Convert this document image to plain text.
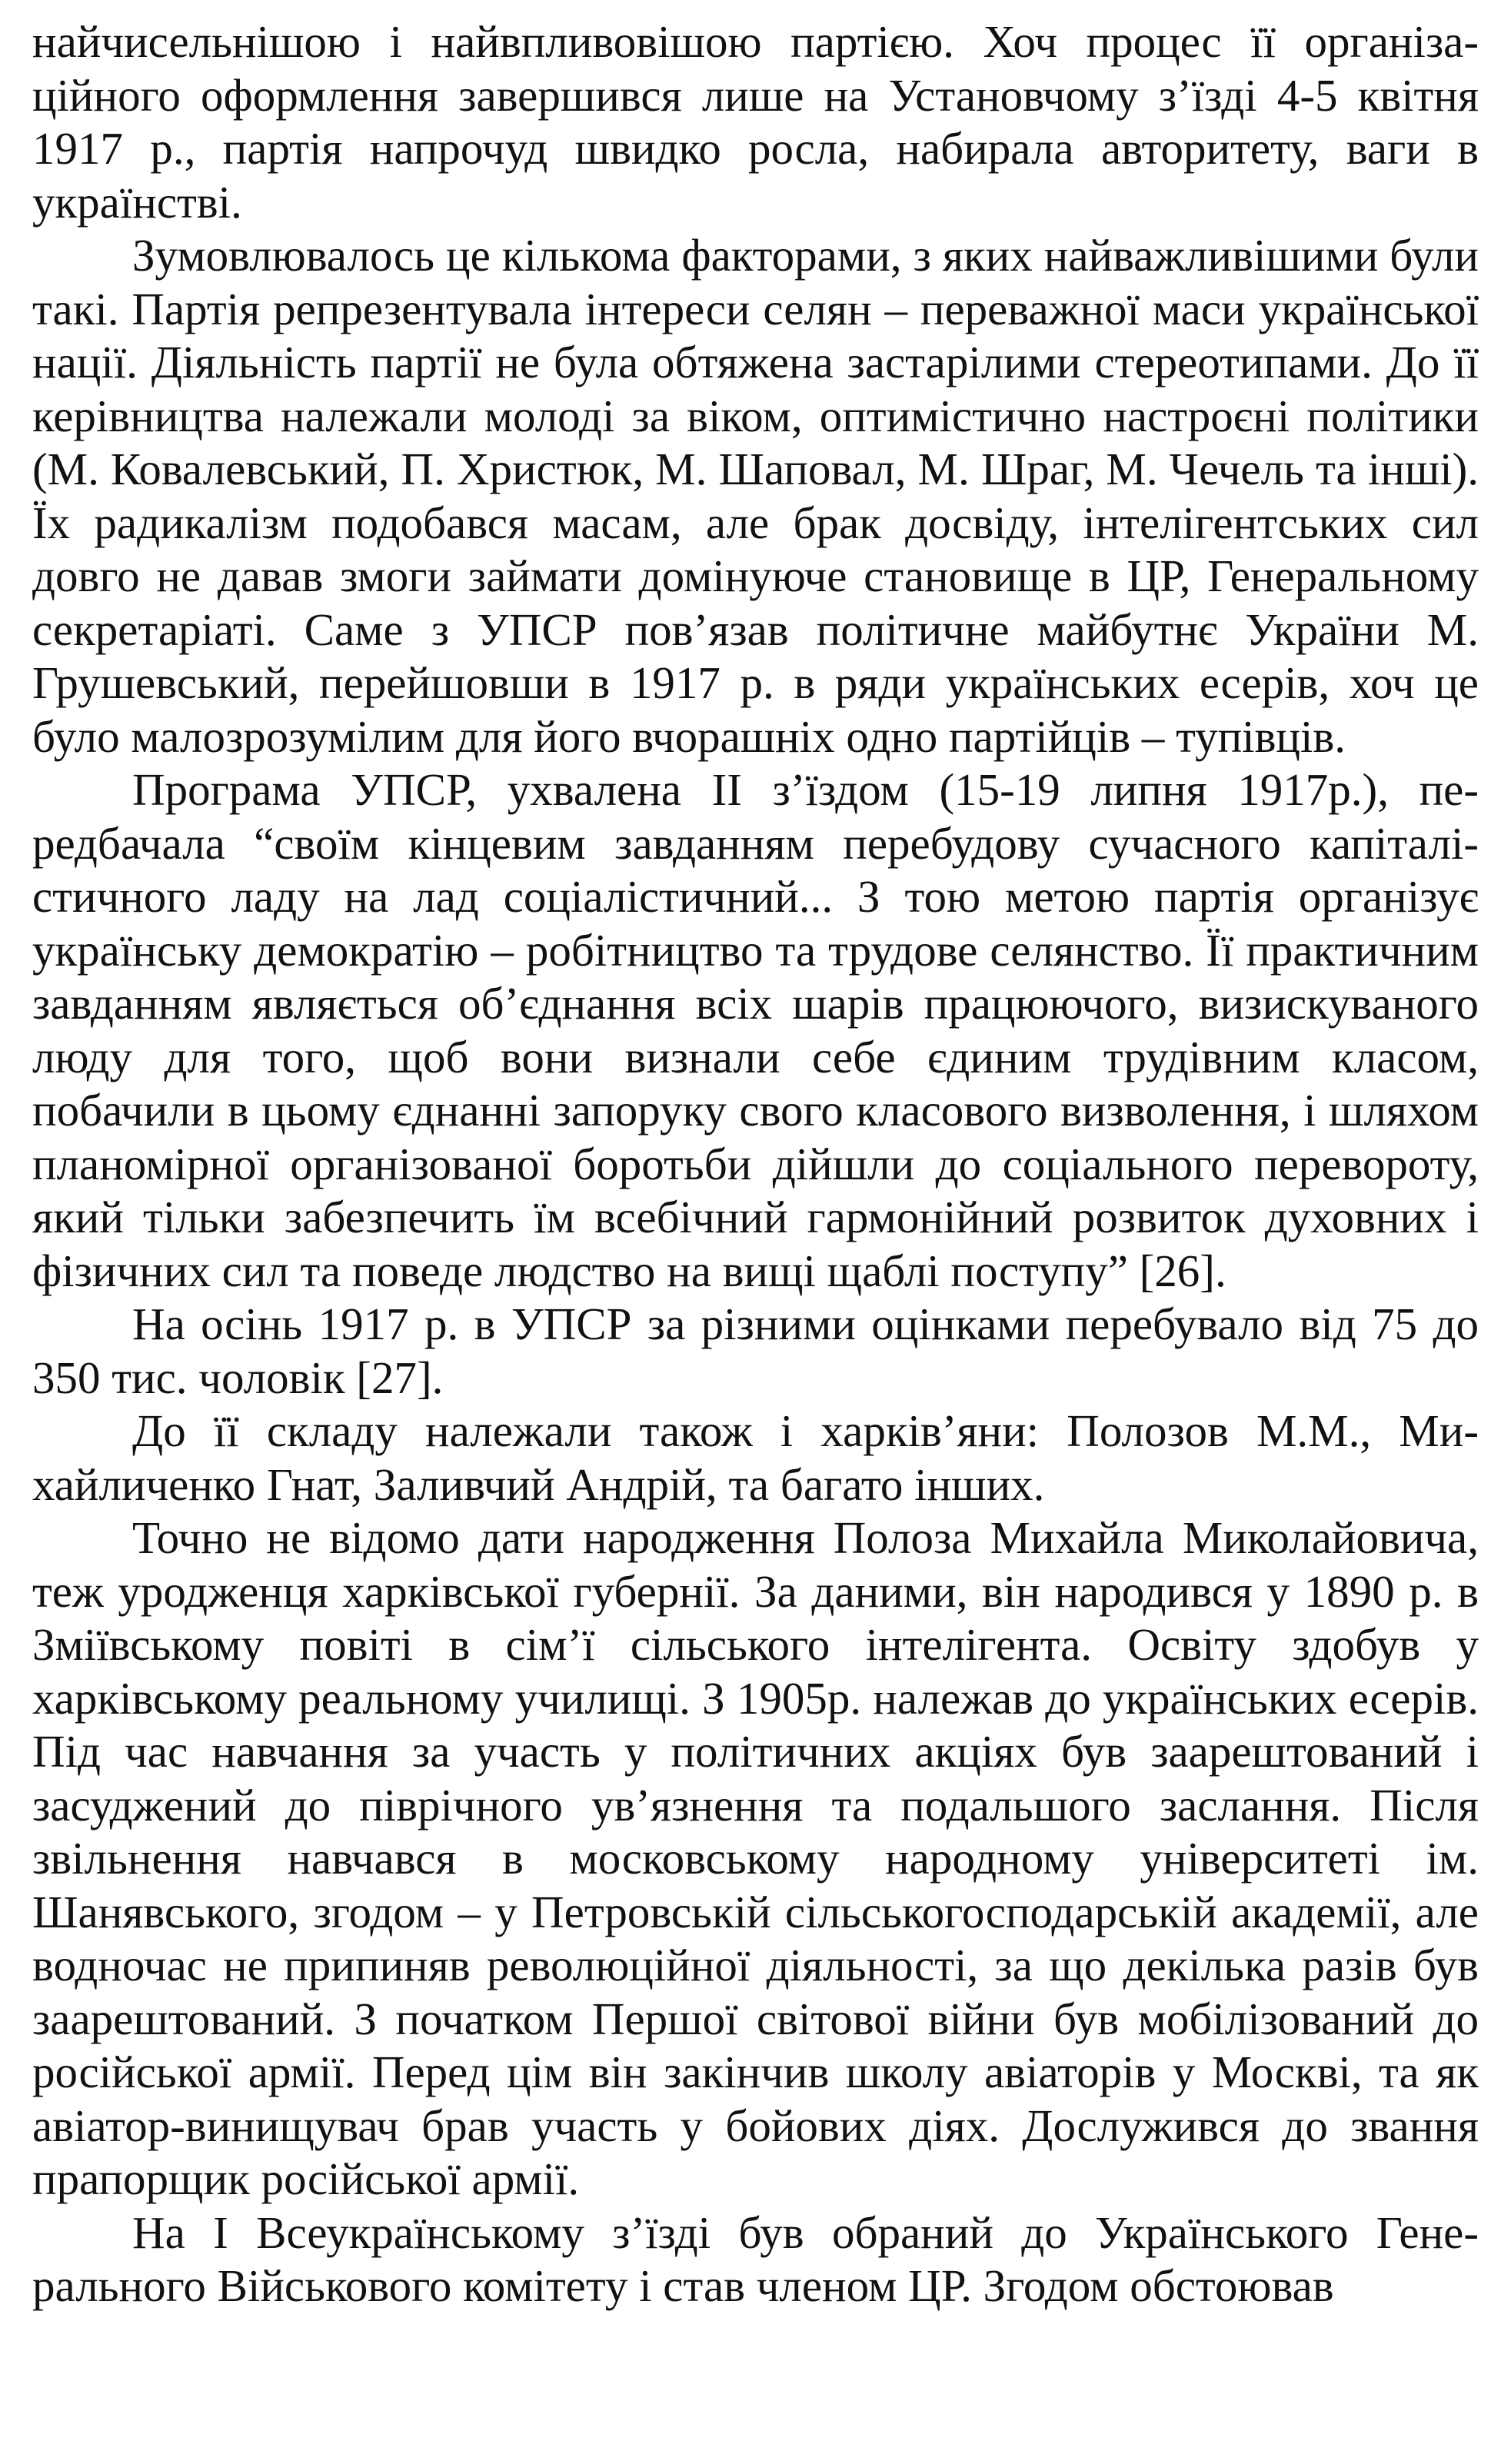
найчисельнішою і найвпливовішою партією. Хоч процес її організаційного оформлення завершився лише на Установчому з’їзді 4-5 квітня 1917 р., партія напрочуд швидко росла, набирала авторитету, ваги в українстві.

Зумовлювалось це кількома факторами, з яких найважливішими були такі. Партія репрезентувала інтереси селян – переважної маси української нації. Діяльність партії не була обтяжена застарілими стереотипами. До її керівництва належали молоді за віком, оптимістично настроєні політики (М. Ковалевський, П. Христюк, М. Шаповал, М. Шраг, М. Чечель та інші). Їх радикалізм подобався масам, але брак досвіду, інтелігентських сил довго не давав змоги займати домінуюче становище в ЦР, Генеральному секретаріаті. Саме з УПСР пов’язав політичне майбутнє України М. Грушевський, перейшовши в 1917 р. в ряди українських есерів, хоч це було малозрозумілим для його вчорашніх одно партійців – тупівців.

Програма УПСР, ухвалена II з’їздом (15-19 липня 1917р.), передбачала “своїм кінцевим завданням перебудову сучасного капіталістичного ладу на лад соціалістичний... З тою метою партія організує українську демократію – робітництво та трудове селянство. Її практичним завданням являється об’єднання всіх шарів працюючого, визискуваного люду для того, щоб вони визнали себе єдиним трудівним класом, побачили в цьому єднанні запоруку свого класового визволення, і шляхом планомірної організованої боротьби дійшли до соціального перевороту, який тільки забезпечить їм всебічний гармонійний розвиток духовних і фізичних сил та поведе людство на вищі щаблі поступу” [26].

На осінь 1917 р. в УПСР за різними оцінками перебувало від 75 до 350 тис. чоловік [27].

До її складу належали також і харків’яни: Полозов М.М., Михайличенко Гнат, Заливчий Андрій, та багато інших.

Точно не відомо дати народження Полоза Михайла Миколайовича, теж уродженця харківської губернії. За даними, він народився у 1890 р. в Зміївському повіті в сім’ї сільського інтелігента. Освіту здобув у харківському реальному училищі. З 1905р. належав до українських есерів. Під час навчання за участь у політичних акціях був заарештований і засуджений до піврічного ув’язнення та подальшого заслання. Після звільнення навчався в московському народному університеті ім. Шанявського, згодом – у Петровській сільськогосподарській академії, але водночас не припиняв революційної діяльності, за що декілька разів був заарештований. З початком Першої світової війни був мобілізований до російської армії. Перед цім він закінчив школу авіаторів у Москві, та як авіатор-винищувач брав участь у бойових діях. Дослужився до звання прапорщик російської армії.

На I Всеукраїнському з’їзді був обраний до Українського Генерального Військового комітету і став членом ЦР. Згодом обстоював
